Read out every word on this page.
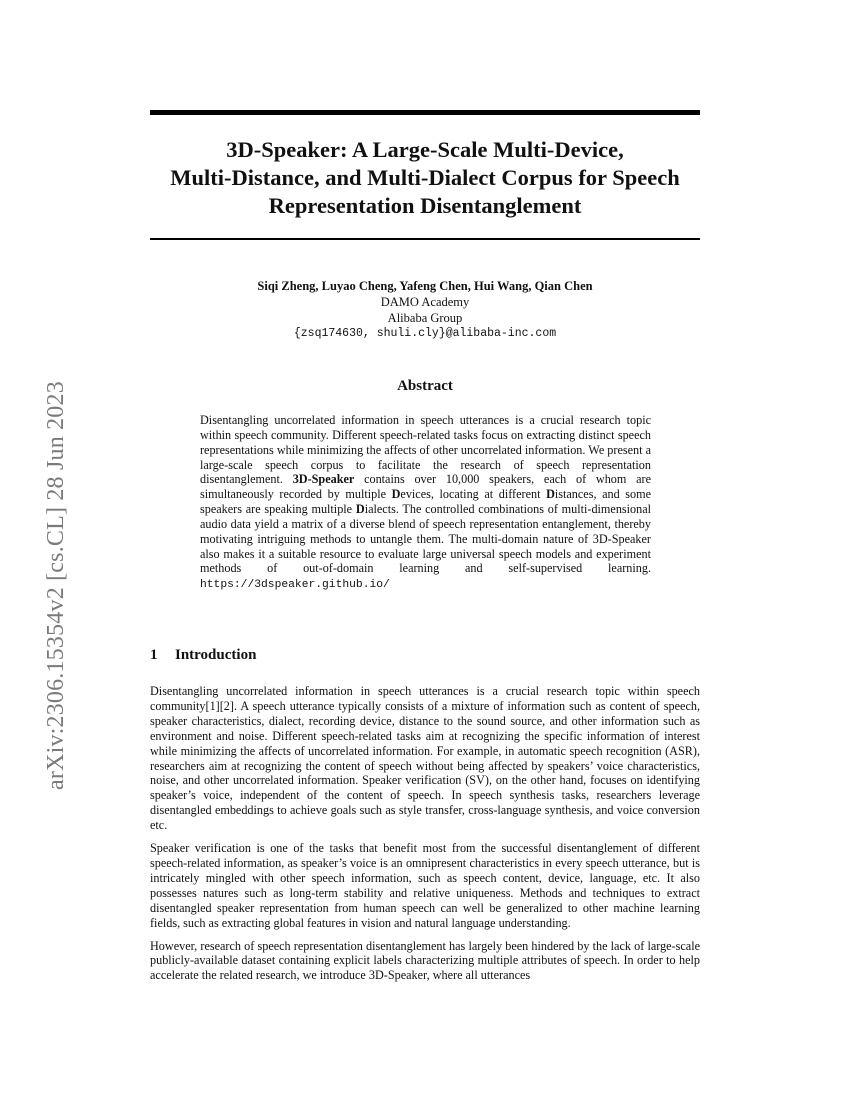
arXiv:2306.15354v2 [cs.CL] 28 Jun 2023
3D-Speaker: A Large-Scale Multi-Device,
Multi-Distance, and Multi-Dialect Corpus for Speech
Representation Disentanglement
Siqi Zheng, Luyao Cheng, Yafeng Chen, Hui Wang, Qian Chen
DAMO Academy
Alibaba Group
{zsq174630, shuli.cly}@alibaba-inc.com
Abstract

Disentangling uncorrelated information in speech utterances is a crucial research topic within speech community. Different speech-related tasks focus on extracting distinct speech representations while minimizing the affects of other uncorrelated information. We present a large-scale speech corpus to facilitate the research of speech representation disentanglement. 3D-Speaker contains over 10,000 speakers, each of whom are simultaneously recorded by multiple Devices, locating at different Distances, and some speakers are speaking multiple Dialects. The controlled combinations of multi-dimensional audio data yield a matrix of a diverse blend of speech representation entanglement, thereby motivating intriguing methods to untangle them. The multi-domain nature of 3D-Speaker also makes it a suitable resource to evaluate large universal speech models and experiment methods of out-of-domain learning and self-supervised learning. https://3dspeaker.github.io/

1 Introduction

Disentangling uncorrelated information in speech utterances is a crucial research topic within speech community[1][2]. A speech utterance typically consists of a mixture of information such as content of speech, speaker characteristics, dialect, recording device, distance to the sound source, and other information such as environment and noise. Different speech-related tasks aim at recognizing the specific information of interest while minimizing the affects of uncorrelated information. For example, in automatic speech recognition (ASR), researchers aim at recognizing the content of speech without being affected by speakers’ voice characteristics, noise, and other uncorrelated information. Speaker verification (SV), on the other hand, focuses on identifying speaker’s voice, independent of the content of speech. In speech synthesis tasks, researchers leverage disentangled embeddings to achieve goals such as style transfer, cross-language synthesis, and voice conversion etc.

Speaker verification is one of the tasks that benefit most from the successful disentanglement of different speech-related information, as speaker’s voice is an omnipresent characteristics in every speech utterance, but is intricately mingled with other speech information, such as speech content, device, language, etc. It also possesses natures such as long-term stability and relative uniqueness. Methods and techniques to extract disentangled speaker representation from human speech can well be generalized to other machine learning fields, such as extracting global features in vision and natural language understanding.

However, research of speech representation disentanglement has largely been hindered by the lack of large-scale publicly-available dataset containing explicit labels characterizing multiple attributes of speech. In order to help accelerate the related research, we introduce 3D-Speaker, where all utterances
